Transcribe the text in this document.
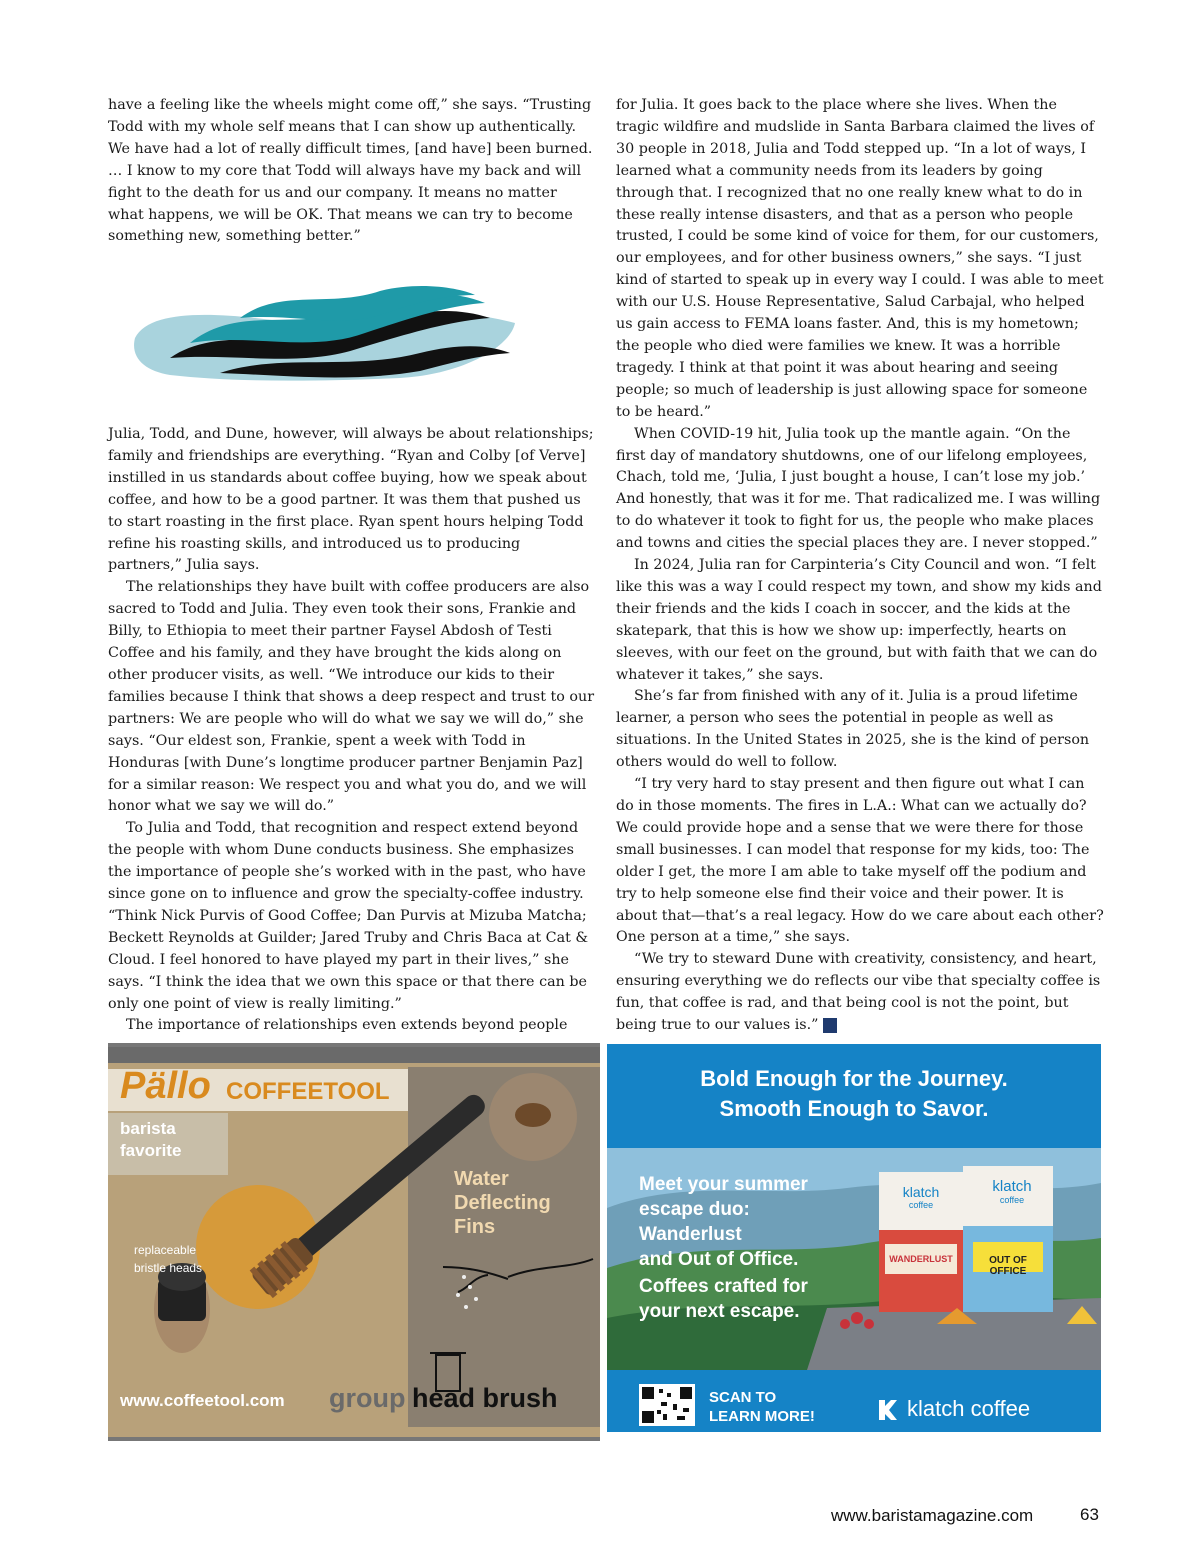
have a feeling like the wheels might come off,” she says. “Trusting Todd with my whole self means that I can show up authentically. We have had a lot of really difficult times, [and have] been burned. … I know to my core that Todd will always have my back and will fight to the death for us and our company. It means no matter what happens, we will be OK. That means we can try to become something new, something better.”

Julia, Todd, and Dune, however, will always be about relationships; family and friendships are everything. “Ryan and Colby [of Verve] instilled in us standards about coffee buying, how we speak about coffee, and how to be a good partner. It was them that pushed us to start roasting in the first place. Ryan spent hours helping Todd refine his roasting skills, and introduced us to producing partners,” Julia says.

The relationships they have built with coffee producers are also sacred to Todd and Julia. They even took their sons, Frankie and Billy, to Ethiopia to meet their partner Faysel Abdosh of Testi Coffee and his family, and they have brought the kids along on other producer visits, as well. “We introduce our kids to their families because I think that shows a deep respect and trust to our partners: We are people who will do what we say we will do,” she says. “Our eldest son, Frankie, spent a week with Todd in Honduras [with Dune’s longtime producer partner Benjamin Paz] for a similar reason: We respect you and what you do, and we will honor what we say we will do.”

To Julia and Todd, that recognition and respect extend beyond the people with whom Dune conducts business. She emphasizes the importance of people she’s worked with in the past, who have since gone on to influence and grow the specialty-coffee industry. “Think Nick Purvis of Good Coffee; Dan Purvis at Mizuba Matcha; Beckett Reynolds at Guilder; Jared Truby and Chris Baca at Cat & Cloud. I feel honored to have played my part in their lives,” she says. “I think the idea that we own this space or that there can be only one point of view is really limiting.”

The importance of relationships even extends beyond people

for Julia. It goes back to the place where she lives. When the tragic wildfire and mudslide in Santa Barbara claimed the lives of 30 people in 2018, Julia and Todd stepped up. “In a lot of ways, I learned what a community needs from its leaders by going through that. I recognized that no one really knew what to do in these really intense disasters, and that as a person who people trusted, I could be some kind of voice for them, for our customers, our employees, and for other business owners,” she says. “I just kind of started to speak up in every way I could. I was able to meet with our U.S. House Representative, Salud Carbajal, who helped us gain access to FEMA loans faster. And, this is my hometown; the people who died were families we knew. It was a horrible tragedy. I think at that point it was about hearing and seeing people; so much of leadership is just allowing space for someone to be heard.”

When COVID-19 hit, Julia took up the mantle again. “On the first day of mandatory shutdowns, one of our lifelong employees, Chach, told me, ‘Julia, I just bought a house, I can’t lose my job.’ And honestly, that was it for me. That radicalized me. I was willing to do whatever it took to fight for us, the people who make places and towns and cities the special places they are. I never stopped.”

In 2024, Julia ran for Carpinteria’s City Council and won. “I felt like this was a way I could respect my town, and show my kids and their friends and the kids I coach in soccer, and the kids at the skatepark, that this is how we show up: imperfectly, hearts on sleeves, with our feet on the ground, but with faith that we can do whatever it takes,” she says.

She’s far from finished with any of it. Julia is a proud lifetime learner, a person who sees the potential in people as well as situations. In the United States in 2025, she is the kind of person others would do well to follow.

“I try very hard to stay present and then figure out what I can do in those moments. The fires in L.A.: What can we actually do? We could provide hope and a sense that we were there for those small businesses. I can model that response for my kids, too: The older I get, the more I am able to take myself off the podium and try to help someone else find their voice and their power. It is about that—that’s a real legacy. How do we care about each other? One person at a time,” she says.

“We try to steward Dune with creativity, consistency, and heart, ensuring everything we do reflects our vibe that specialty coffee is fun, that coffee is rad, and that being cool is not the point, but being true to our values is.” b

Pällo COFFEETOOL
barista
favorite
Water
Deflecting
Fins
replaceable
bristle heads
www.coffeetool.com group head brush
Bold Enough for the Journey.
Smooth Enough to Savor.
klatch
coffee
WANDERLUST
klatch
coffee
OUT OF OFFICE
Meet your summer
escape duo:
Wanderlust
and Out of Office.
Coffees crafted for
your next escape.
SCAN TO
LEARN MORE!	klatch coffee
www.baristamagazine.com	63
